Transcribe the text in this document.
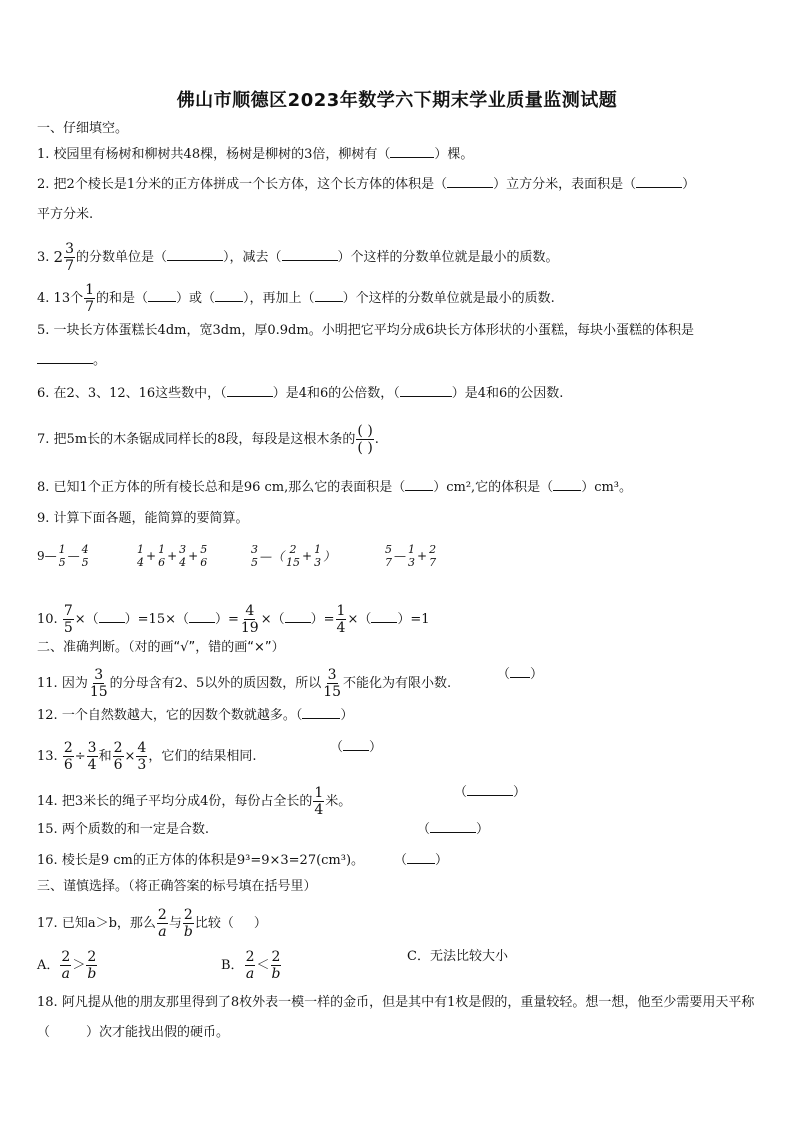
佛山市顺德区2023年数学六下期末学业质量监测试题
一、仔细填空。
1. 校园里有杨树和柳树共48棵，杨树是柳树的3倍，柳树有（	）棵。
2. 把2个棱长是1分米的正方体拼成一个长方体，这个长方体的体积是（	）立方分米，表面积是（	）
平方分米.
3. $2 \frac{3}{7}$ 的分数单位是（	），减去（	）个这样的分数单位就是最小的质数。
4. 13个 $\frac{1}{7}$ 的和是（ ）或（ ），再加上（ ）个这样的分数单位就是最小的质数.
5. 一块长方体蛋糕长4dm，宽3dm，厚0.9dm。小明把它平均分成6块长方体形状的小蛋糕，每块小蛋糕的体积是
。
6. 在2、3、12、16这些数中，（	）是4和6的公倍数，（	）是4和6的公因数.
7. 把5m长的木条锯成同样长的8段，每段是这根木条的 $\frac{( )}{( )}$ .
8. 已知1个正方体的所有棱长总和是96 cm,那么它的表面积是（ ）cm²,它的体积是（ ）cm³。
9. 计算下面各题，能简算的要简算。
9— 1
5 — 4
5
1
4 + 1
6 + 3
4 + 5
6
3
5 —（ 2
15 + 1
3 ）	5
7 — 1
3 + 2
7
10. $\frac{7}{5}$ ×（ ）=15×（ ）= $\frac{4}{19}$ ×（ ）= $\frac{1}{4}$ ×（ ）=1
二、准确判断。（对的画“√”，错的画“×”）
11. 因为 $\frac{3}{15}$ 的分母含有2、5以外的质因数，所以 $\frac{3}{15}$ 不能化为有限小数.
（ ）
12. 一个自然数越大，它的因数个数就越多。（	）
13. $\frac{2}{6} \div \frac{3}{4}$ 和 $\frac{2}{6} \times \frac{4}{3}$ ，它们的结果相同.
（ ）
14. 把3米长的绳子平均分成4份，每份占全长的 $\frac{1}{4}$ 米。
（	）
15. 两个质数的和一定是合数.	（	）
16. 棱长是9 cm的正方体的体积是9³=9×3=27(cm³)。 （ ）
三、谨慎选择。（将正确答案的标号填在括号里）
17. 已知a＞b，那么 $\frac{2}{a}$ 与 $\frac{2}{b}$ 比较（ ）
A． $\frac{2}{a} > \frac{2}{b}$	B． $\frac{2}{a} < \frac{2}{b}$	C．无法比较大小
18. 阿凡提从他的朋友那里得到了8枚外表一模一样的金币，但是其中有1枚是假的，重量较轻。想一想，他至少需要用天平称（	）次才能找出假的硬币。
